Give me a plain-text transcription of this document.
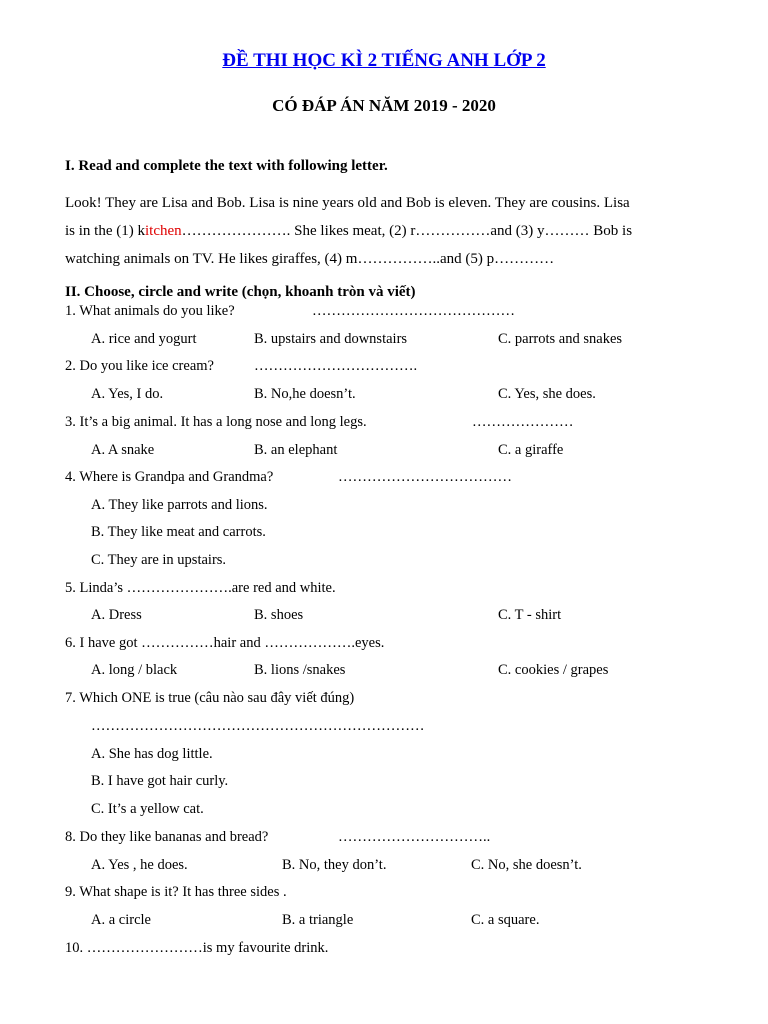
ĐỀ THI HỌC KÌ 2 TIẾNG ANH LỚP 2
CÓ ĐÁP ÁN NĂM 2019 - 2020
I. Read and complete the text with following letter.
Look! They are Lisa and Bob. Lisa is nine years old and Bob is eleven. They are cousins. Lisa
is in the (1) kitchen…………………. She likes meat, (2) r……………and (3) y……… Bob is
watching animals on TV. He likes giraffes, (4) m……………..and (5) p…………
II. Choose, circle and write (chọn, khoanh tròn và viết)
1. What animals do you like?	……………………………………
A. rice and yogurt	B. upstairs and downstairs	C. parrots and snakes
2. Do you like ice cream?	…………………………….
A. Yes, I do.	B. No,he doesn’t.	C. Yes, she does.
3. It’s a big animal. It has a long nose and long legs.	…………………
A. A snake	B. an elephant	C. a giraffe
4. Where is Grandpa and Grandma?	………………………………
A. They like parrots and lions.
B. They like meat and carrots.
C. They are in upstairs.
5. Linda’s ………………….are red and white.
A. Dress	B. shoes	C. T - shirt
6. I have got ……………hair and ……………….eyes.
A. long / black	B. lions /snakes	C. cookies / grapes
7. Which ONE is true (câu nào sau đây viết đúng)
……………………………………………………………
A. She has dog little.
B. I have got hair curly.
C. It’s a yellow cat.
8. Do they like bananas and bread?	…………………………..
A. Yes , he does.	B. No, they don’t.	C. No, she doesn’t.
9. What shape is it? It has three sides .
A. a circle	B. a triangle	C. a square.
10. ……………………is my favourite drink.
